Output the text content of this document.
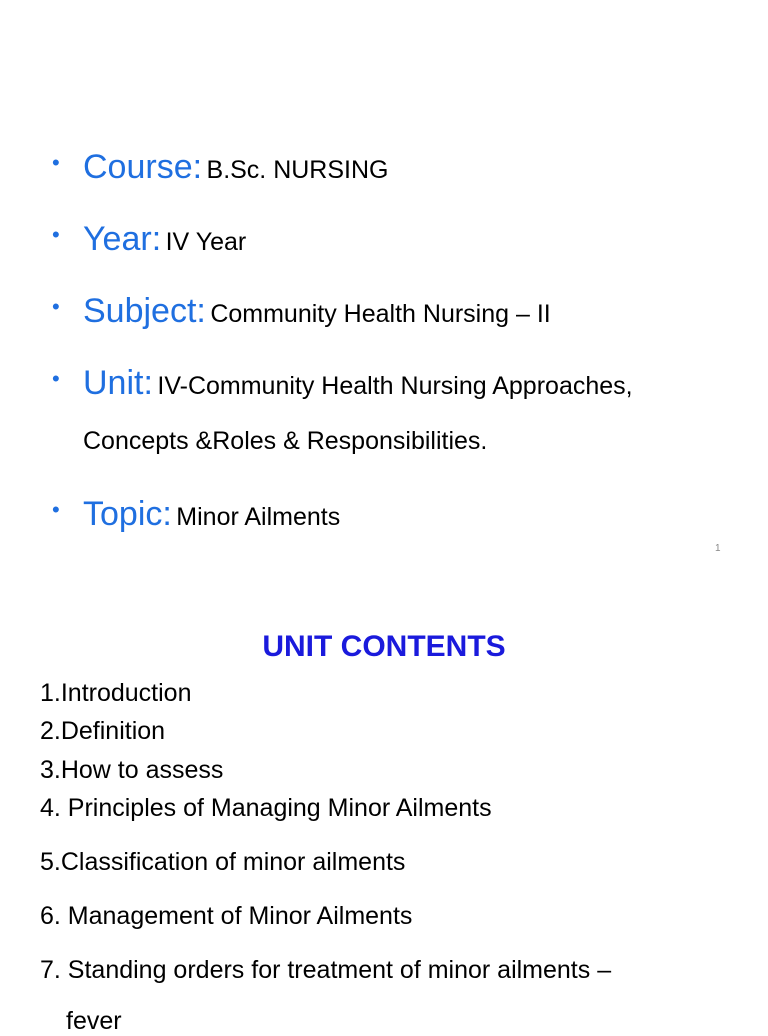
• Course: B.Sc. NURSING
• Year: IV Year
• Subject: Community Health Nursing – II
• Unit: IV-Community Health Nursing Approaches,
Concepts &Roles & Responsibilities.
• Topic: Minor Ailments
1
UNIT CONTENTS
1.Introduction
2.Definition
3.How to assess
4. Principles of Managing Minor Ailments
5.Classification of minor ailments
6. Management of Minor Ailments
7. Standing orders for treatment of minor ailments –
fever
